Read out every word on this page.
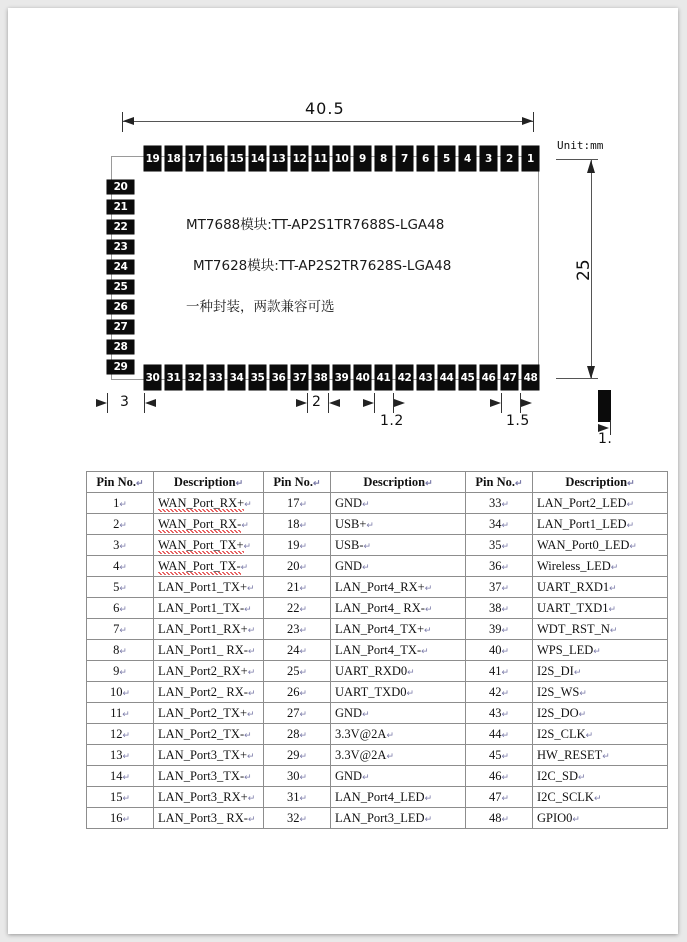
40.5
Unit:mm
25
19 18 17 16 15 14 13 12 11 10	9	8	7	6	5	4	3	2	1
20
21
22
23
24
25
26
27
28
29
30 31 32 33 34 35 36 37 38 39 40 41 42 43 44 45 46 47 48
MT7688模块:TT-AP2S1TR7688S-LGA48
MT7628模块:TT-AP2S2TR7628S-LGA48
一种封装，两款兼容可选
3	2
1.2	1.5
1.
Pin No.↵	Description↵	Pin No.↵	Description↵	Pin No.↵	Description↵
1↵	WAN_Port_RX+↵	17↵	GND↵	33↵	LAN_Port2_LED↵
2↵	WAN_Port_RX-↵	18↵	USB+↵	34↵	LAN_Port1_LED↵
3↵	WAN_Port_TX+↵	19↵	USB-↵	35↵	WAN_Port0_LED↵
4↵	WAN_Port_TX-↵	20↵	GND↵	36↵	Wireless_LED↵
5↵	LAN_Port1_TX+↵	21↵	LAN_Port4_RX+↵	37↵	UART_RXD1↵
6↵	LAN_Port1_TX-↵	22↵	LAN_Port4_ RX-↵	38↵	UART_TXD1↵
7↵	LAN_Port1_RX+↵	23↵	LAN_Port4_TX+↵	39↵	WDT_RST_N↵
8↵	LAN_Port1_ RX-↵	24↵	LAN_Port4_TX-↵	40↵	WPS_LED↵
9↵	LAN_Port2_RX+↵	25↵	UART_RXD0↵	41↵	I2S_DI↵
10↵	LAN_Port2_ RX-↵	26↵	UART_TXD0↵	42↵	I2S_WS↵
11↵	LAN_Port2_TX+↵	27↵	GND↵	43↵	I2S_DO↵
12↵	LAN_Port2_TX-↵	28↵	3.3V@2A↵	44↵	I2S_CLK↵
13↵	LAN_Port3_TX+↵	29↵	3.3V@2A↵	45↵	HW_RESET↵
14↵	LAN_Port3_TX-↵	30↵	GND↵	46↵	I2C_SD↵
15↵	LAN_Port3_RX+↵	31↵	LAN_Port4_LED↵	47↵	I2C_SCLK↵
16↵	LAN_Port3_ RX-↵	32↵	LAN_Port3_LED↵	48↵	GPIO0↵
